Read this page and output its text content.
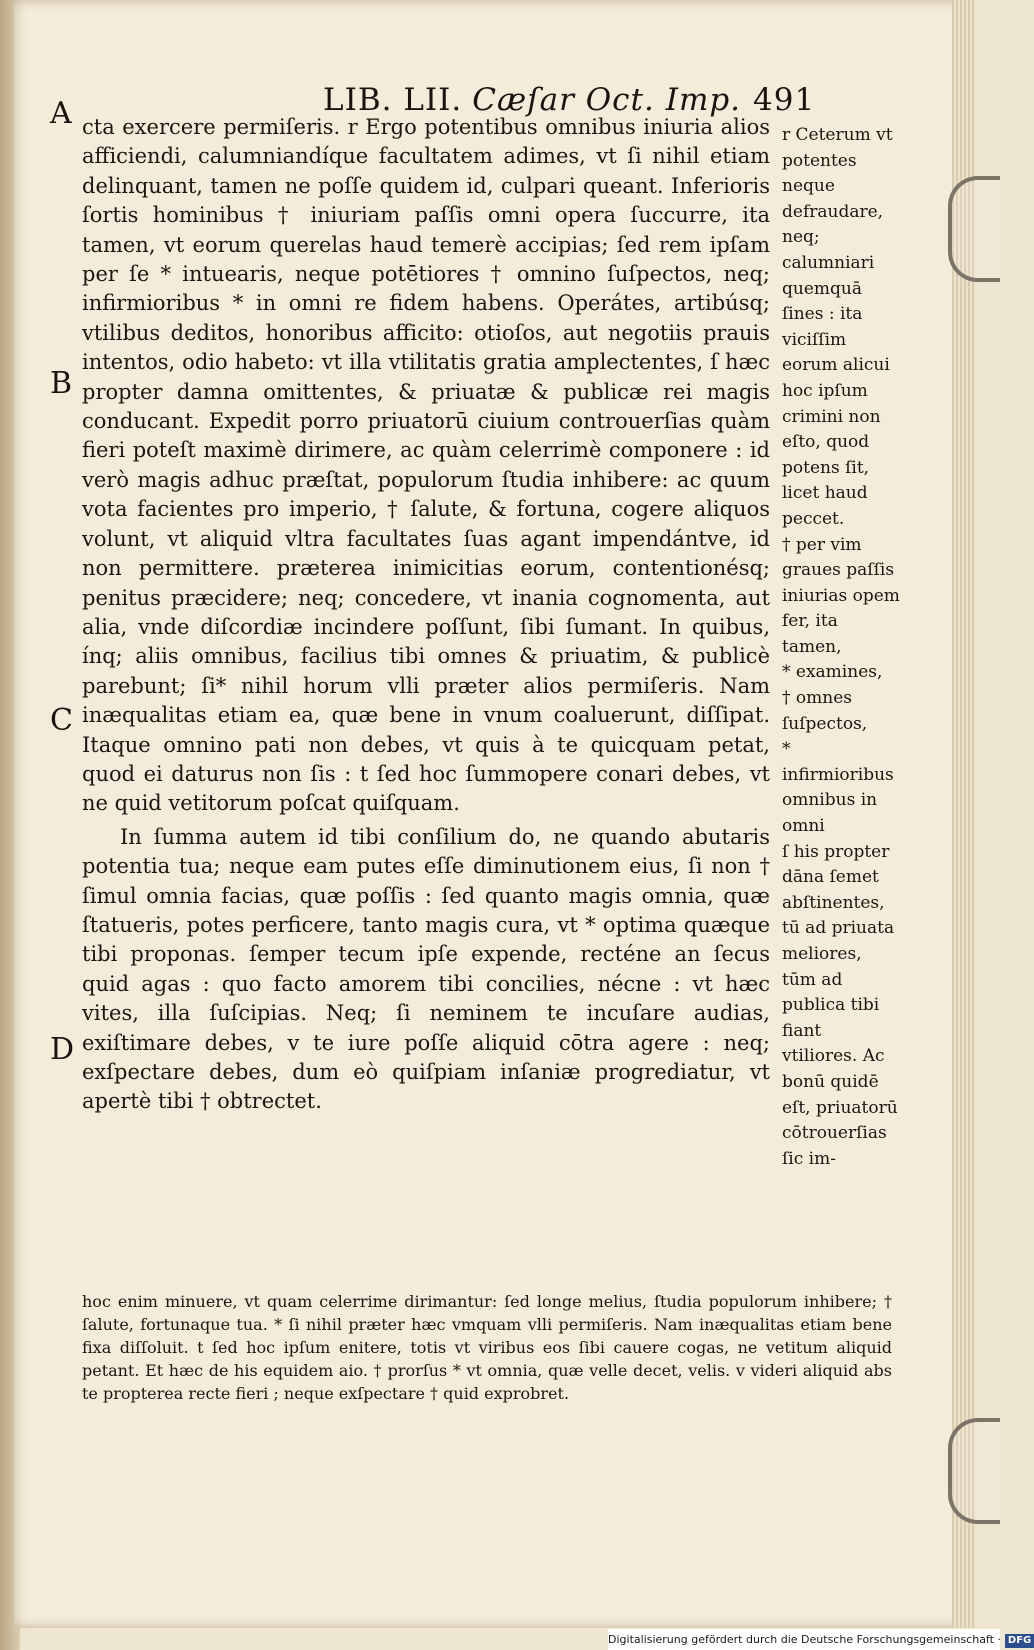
LIB. LII. Cæſar Oct. Imp. 491
A
B
C
D

cta exercere permiſeris. r Ergo potentibus omnibus iniuria alios afficiendi, calumniandíque facultatem adimes, vt ſi nihil etiam delinquant, tamen ne poſſe quidem id, culpari queant. Inferioris ſortis hominibus † iniuriam paſſis omni opera ſuccurre, ita tamen, vt eorum querelas haud temerè accipias; ſed rem ipſam per ſe * intuearis, neque potētiores † omnino ſuſpectos, neq; infirmioribus * in omni re fidem habens. Operátes, artibúsq; vtilibus deditos, honoribus afficito: otioſos, aut negotiis prauis intentos, odio habeto: vt illa vtilitatis gratia amplectentes, ſ hæc propter damna omittentes, & priuatæ & publicæ rei magis conducant. Expedit porro priuatorū ciuium controuerſias quàm fieri poteſt maximè dirimere, ac quàm celerrimè componere : id verò magis adhuc præſtat, populorum ſtudia inhibere: ac quum vota facientes pro imperio, † ſalute, & fortuna, cogere aliquos volunt, vt aliquid vltra facultates ſuas agant impendántve, id non permittere. præterea inimicitias eorum, contentionésq; penitus præcidere; neq; concedere, vt inania cognomenta, aut alia, vnde diſcordiæ incindere poſſunt, ſibi ſumant. In quibus, ínq; aliis omnibus, facilius tibi omnes & priuatim, & publicè parebunt; ſi* nihil horum vlli præter alios permiſeris. Nam inæqualitas etiam ea, quæ bene in vnum coaluerunt, diſſipat. Itaque omnino pati non debes, vt quis à te quicquam petat, quod ei daturus non ſis : t ſed hoc ſummopere conari debes, vt ne quid vetitorum poſcat quiſquam.

In ſumma autem id tibi conſilium do, ne quando abutaris potentia tua; neque eam putes eſſe diminutionem eius, ſi non † ſimul omnia facias, quæ poſſis : ſed quanto magis omnia, quæ ſtatueris, potes perficere, tanto magis cura, vt * optima quæque tibi proponas. ſemper tecum ipſe expende, recténe an ſecus quid agas : quo facto amorem tibi concilies, nécne : vt hæc vites, illa ſuſcipias. Neq; ſi neminem te incuſare audias, exiſtimare debes, v te iure poſſe aliquid cōtra agere : neq; exſpectare debes, dum eò quiſpiam inſaniæ progrediatur, vt apertè tibi † obtrectet.

hoc enim minuere, vt quam celerrime dirimantur: ſed longe melius, ſtudia populorum inhibere; † ſalute, fortunaque tua. * ſi nihil præter hæc vmquam vlli permiſeris. Nam inæqualitas etiam bene fixa diſſoluit. t ſed hoc ipſum enitere, totis vt viribus eos ſibi cauere cogas, ne vetitum aliquid petant. Et hæc de his equidem aio. † prorſus * vt omnia, quæ velle decet, velis. v videri aliquid abs te propterea recte fieri ; neque exſpectare † quid exprobret.

r Ceterum vt potentes neque defraudare, neq; calumniari quemquā ſines : ita viciſſim eorum alicui hoc ipſum crimini non eſto, quod potens ſit, licet haud peccet.

† per vim graues paſſis iniurias opem fer, ita tamen,

* examines,

† omnes ſuſpectos,

* infirmioribus omnibus in omni

ſ his propter dāna ſemet abſtinentes, tū ad priuata meliores, tūm ad publica tibi fiant vtiliores. Ac bonū quidē eſt, priuatorū cōtrouerſias ſic im-

Digitalisierung gefördert durch die Deutsche Forschungsgemeinschaft · DFG
